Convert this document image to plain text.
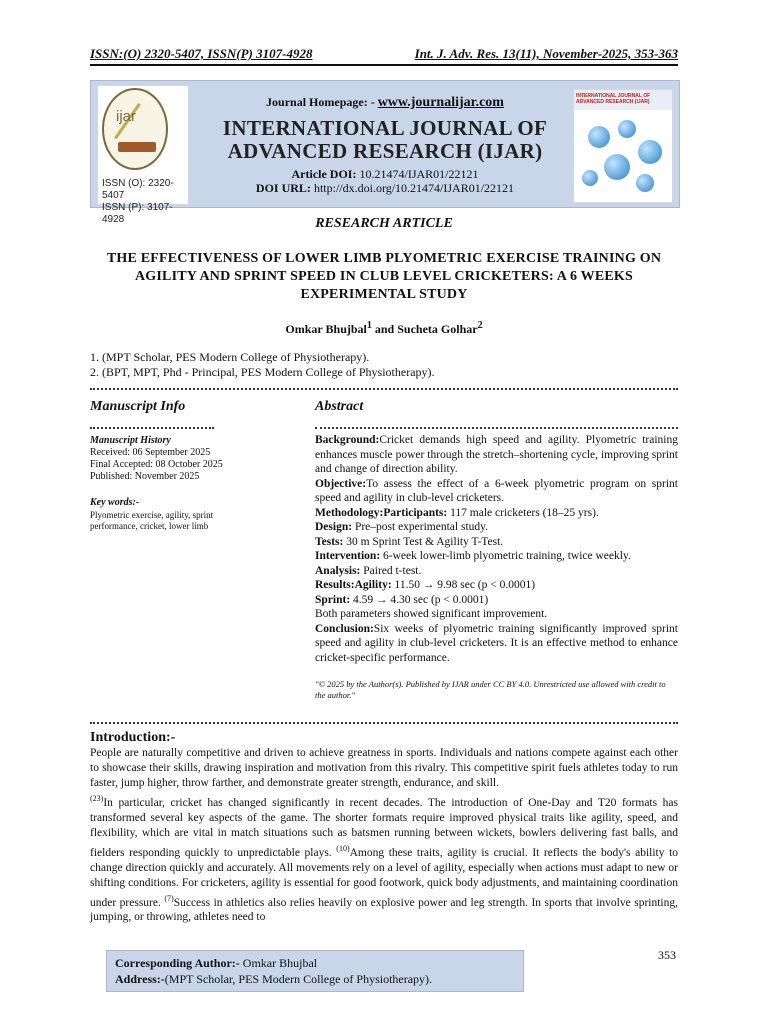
ISSN:(O) 2320-5407, ISSN(P) 3107-4928	Int. J. Adv. Res. 13(11), November-2025, 353-363
ijar
ISSN (O): 2320-5407
ISSN (P): 3107-4928
Journal Homepage: - www.journalijar.com
INTERNATIONAL JOURNAL OF
ADVANCED RESEARCH (IJAR)
Article DOI: 10.21474/IJAR01/22121
DOI URL: http://dx.doi.org/10.21474/IJAR01/22121
INTERNATIONAL JOURNAL OF ADVANCED RESEARCH (IJAR)
RESEARCH ARTICLE
THE EFFECTIVENESS OF LOWER LIMB PLYOMETRIC EXERCISE TRAINING ON AGILITY AND SPRINT SPEED IN CLUB LEVEL CRICKETERS: A 6 WEEKS EXPERIMENTAL STUDY
Omkar Bhujbal$^1$ and Sucheta Golhar$^2$
1. (MPT Scholar, PES Modern College of Physiotherapy).
2. (BPT, MPT, Phd - Principal, PES Modern College of Physiotherapy).
Manuscript Info
Manuscript History
Received: 06 September 2025
Final Accepted: 08 October 2025
Published: November 2025
Key words:-
Plyometric exercise, agility, sprint performance, cricket, lower limb
Abstract

Background:Cricket demands high speed and agility. Plyometric training enhances muscle power through the stretch–shortening cycle, improving sprint and change of direction ability.

Objective:To assess the effect of a 6-week plyometric program on sprint speed and agility in club-level cricketers.

Methodology:Participants: 117 male cricketers (18–25 yrs).

Design: Pre–post experimental study.

Tests: 30 m Sprint Test & Agility T-Test.

Intervention: 6-week lower-limb plyometric training, twice weekly.

Analysis: Paired t-test.

Results:Agility: 11.50 → 9.98 sec (p < 0.0001)

Sprint: 4.59 → 4.30 sec (p < 0.0001)

Both parameters showed significant improvement.

Conclusion:Six weeks of plyometric training significantly improved sprint speed and agility in club-level cricketers. It is an effective method to enhance cricket-specific performance.

"© 2025 by the Author(s). Published by IJAR under CC BY 4.0. Unrestricted use allowed with credit to the author."
Introduction:-

People are naturally competitive and driven to achieve greatness in sports. Individuals and nations compete against each other to showcase their skills, drawing inspiration and motivation from this rivalry. This competitive spirit fuels athletes today to run faster, jump higher, throw farther, and demonstrate greater strength, endurance, and skill.
$^{(23)}$In particular, cricket has changed significantly in recent decades. The introduction of One-Day and T20 formats has transformed several key aspects of the game. The shorter formats require improved physical traits like agility, speed, and flexibility, which are vital in match situations such as batsmen running between wickets, bowlers delivering fast balls, and fielders responding quickly to unpredictable plays. $^{(10)}$Among these traits, agility is crucial. It reflects the body's ability to change direction quickly and accurately. All movements rely on a level of agility, especially when actions must adapt to new or shifting conditions. For cricketers, agility is essential for good footwork, quick body adjustments, and maintaining coordination under pressure. $^{(7)}$Success in athletics also relies heavily on explosive power and leg strength. In sports that involve sprinting, jumping, or throwing, athletes need to

353
Corresponding Author:- Omkar Bhujbal
Address:-(MPT Scholar, PES Modern College of Physiotherapy).
